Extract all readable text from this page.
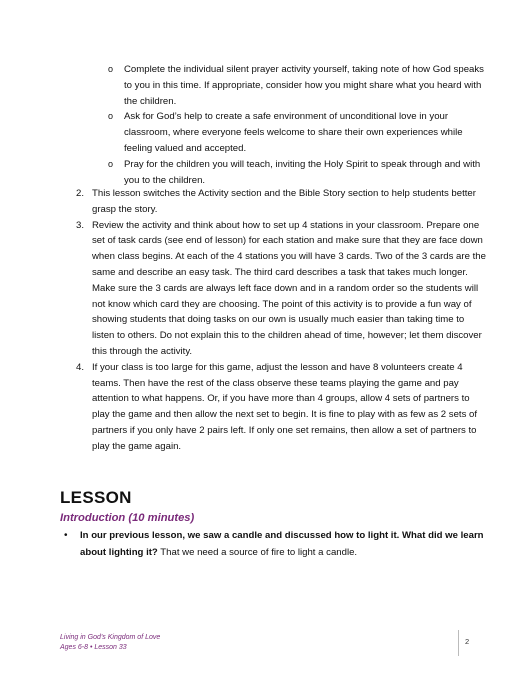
o Complete the individual silent prayer activity yourself, taking note of how God speaks to you in this time. If appropriate, consider how you might share what you heard with the children.
o Ask for God’s help to create a safe environment of unconditional love in your classroom, where everyone feels welcome to share their own experiences while feeling valued and accepted.
o Pray for the children you will teach, inviting the Holy Spirit to speak through and with you to the children.
2. This lesson switches the Activity section and the Bible Story section to help students better grasp the story.
3. Review the activity and think about how to set up 4 stations in your classroom. Prepare one set of task cards (see end of lesson) for each station and make sure that they are face down when class begins. At each of the 4 stations you will have 3 cards. Two of the 3 cards are the same and describe an easy task. The third card describes a task that takes much longer. Make sure the 3 cards are always left face down and in a random order so the students will not know which card they are choosing. The point of this activity is to provide a fun way of showing students that doing tasks on our own is usually much easier than taking time to listen to others. Do not explain this to the children ahead of time, however; let them discover this through the activity.
4. If your class is too large for this game, adjust the lesson and have 8 volunteers create 4 teams. Then have the rest of the class observe these teams playing the game and pay attention to what happens. Or, if you have more than 4 groups, allow 4 sets of partners to play the game and then allow the next set to begin. It is fine to play with as few as 2 sets of partners if you only have 2 pairs left. If only one set remains, then allow a set of partners to play the game again.
LESSON
Introduction (10 minutes)
• In our previous lesson, we saw a candle and discussed how to light it. What did we learn about lighting it? That we need a source of fire to light a candle.
Living in God’s Kingdom of Love
Ages 6-8 • Lesson 33
2
